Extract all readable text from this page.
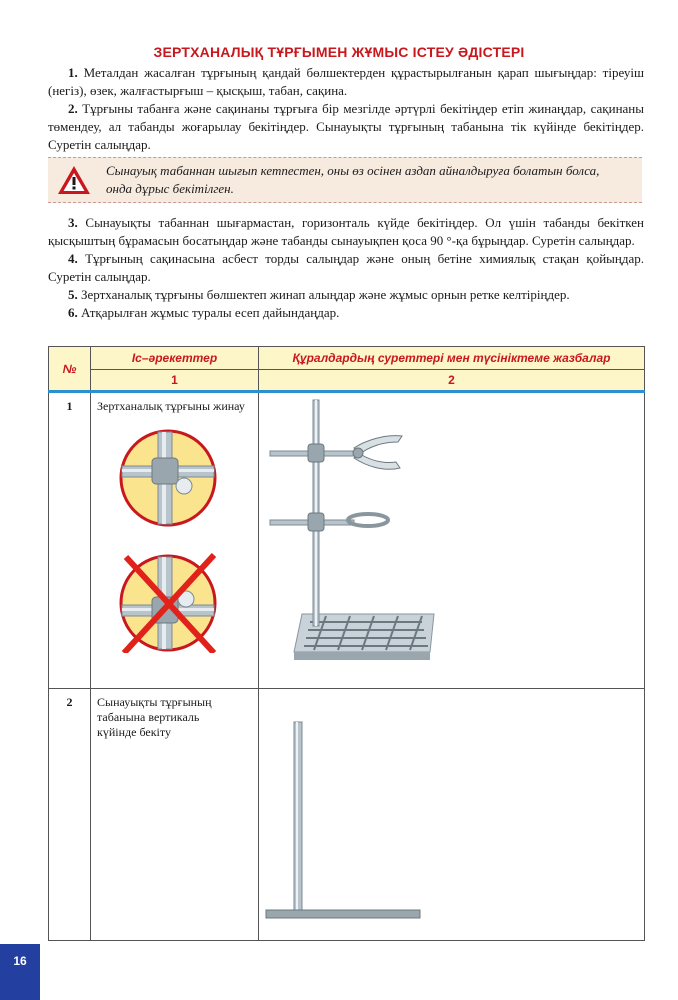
ЗЕРТХАНАЛЫҚ ТҰРҒЫМЕН ЖҰМЫС ІСТЕУ ӘДІСТЕРІ

1. Металдан жасалған тұрғының қандай бөлшектерден құрастырылғанын қарап шығыңдар: тіреуіш (негіз), өзек, жалғастырғыш – қысқыш, табан, сақина.

2. Тұрғыны табанға және сақинаны тұрғыға бір мезгілде әртүрлі бекітіңдер етіп жинаңдар, сақинаны төмендеу, ал табанды жоғарылау бекітіңдер. Сынауықты тұрғының табанына тік күйінде бекітіңдер. Суретін салыңдар.

Сынауық табаннан шығып кетпестен, оны өз осінен аздап айналдыруға болатын болса, онда дұрыс бекітілген.

3. Сынауықты табаннан шығармастан, горизонталь күйде бекітіңдер. Ол үшін табанды бекіткен қысқыштың бұрамасын босатыңдар және табанды сынауықпен қоса 90 °-қа бұрыңдар. Суретін салыңдар.

4. Тұрғының сақинасына асбест торды салыңдар және оның бетіне химиялық стақан қойыңдар. Суретін салыңдар.

5. Зертханалық тұрғыны бөлшектеп жинап алыңдар және жұмыс орнын ретке келтіріңдер.

6. Атқарылған жұмыс туралы есеп дайындаңдар.

№	Іс–әрекеттер	Құралдардың суреттері мен түсініктеме жазбалар
	1	2
1	Зертханалық тұрғыны жинау	
2	Сынауықты тұрғының табанына вертикаль күйінде бекіту	

16
